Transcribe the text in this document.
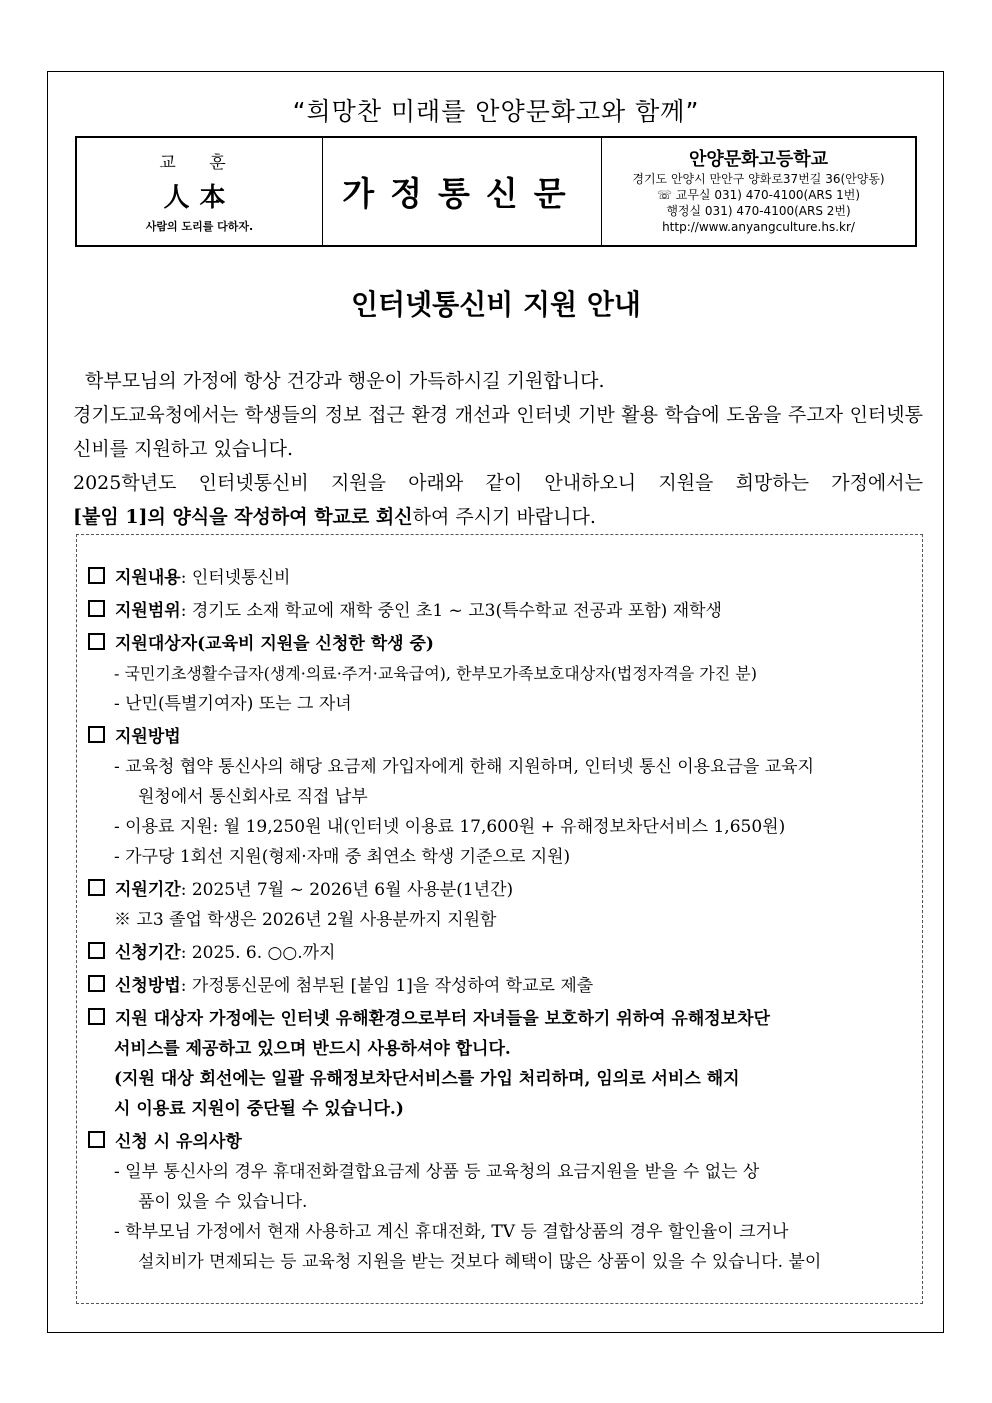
“희망찬 미래를 안양문화고와 함께”
교 훈
人本
사람의 도리를 다하자.
가정통신문
안양문화고등학교
경기도 안양시 만안구 양화로37번길 36(안양동)
☏ 교무실 031) 470-4100(ARS 1번)
행정실 031) 470-4100(ARS 2번)
http://www.anyangculture.hs.kr/
인터넷통신비 지원 안내

학부모님의 가정에 항상 건강과 행운이 가득하시길 기원합니다.

경기도교육청에서는 학생들의 정보 접근 환경 개선과 인터넷 기반 활용 학습에 도움을 주고자 인터넷통신비를 지원하고 있습니다.

2025학년도 인터넷통신비 지원을 아래와 같이 안내하오니 지원을 희망하는 가정에서는

[붙임 1]의 양식을 작성하여 학교로 회신하여 주시기 바랍니다.

지원내용: 인터넷통신비
지원범위: 경기도 소재 학교에 재학 중인 초1 ~ 고3(특수학교 전공과 포함) 재학생
지원대상자(교육비 지원을 신청한 학생 중)
- 국민기초생활수급자(생계·의료·주거·교육급여), 한부모가족보호대상자(법정자격을 가진 분)
- 난민(특별기여자) 또는 그 자녀
지원방법
- 교육청 협약 통신사의 해당 요금제 가입자에게 한해 지원하며, 인터넷 통신 이용요금을 교육지
원청에서 통신회사로 직접 납부
- 이용료 지원: 월 19,250원 내(인터넷 이용료 17,600원 + 유해정보차단서비스 1,650원)
- 가구당 1회선 지원(형제·자매 중 최연소 학생 기준으로 지원)
지원기간: 2025년 7월 ~ 2026년 6월 사용분(1년간)
※ 고3 졸업 학생은 2026년 2월 사용분까지 지원함
신청기간: 2025. 6. ○○.까지
신청방법: 가정통신문에 첨부된 [붙임 1]을 작성하여 학교로 제출
지원 대상자 가정에는 인터넷 유해환경으로부터 자녀들을 보호하기 위하여 유해정보차단
서비스를 제공하고 있으며 반드시 사용하셔야 합니다.
(지원 대상 회선에는 일괄 유해정보차단서비스를 가입 처리하며, 임의로 서비스 해지
시 이용료 지원이 중단될 수 있습니다.)
신청 시 유의사항
- 일부 통신사의 경우 휴대전화결합요금제 상품 등 교육청의 요금지원을 받을 수 없는 상
품이 있을 수 있습니다.
- 학부모님 가정에서 현재 사용하고 계신 휴대전화, TV 등 결합상품의 경우 할인율이 크거나
설치비가 면제되는 등 교육청 지원을 받는 것보다 혜택이 많은 상품이 있을 수 있습니다. 붙이
